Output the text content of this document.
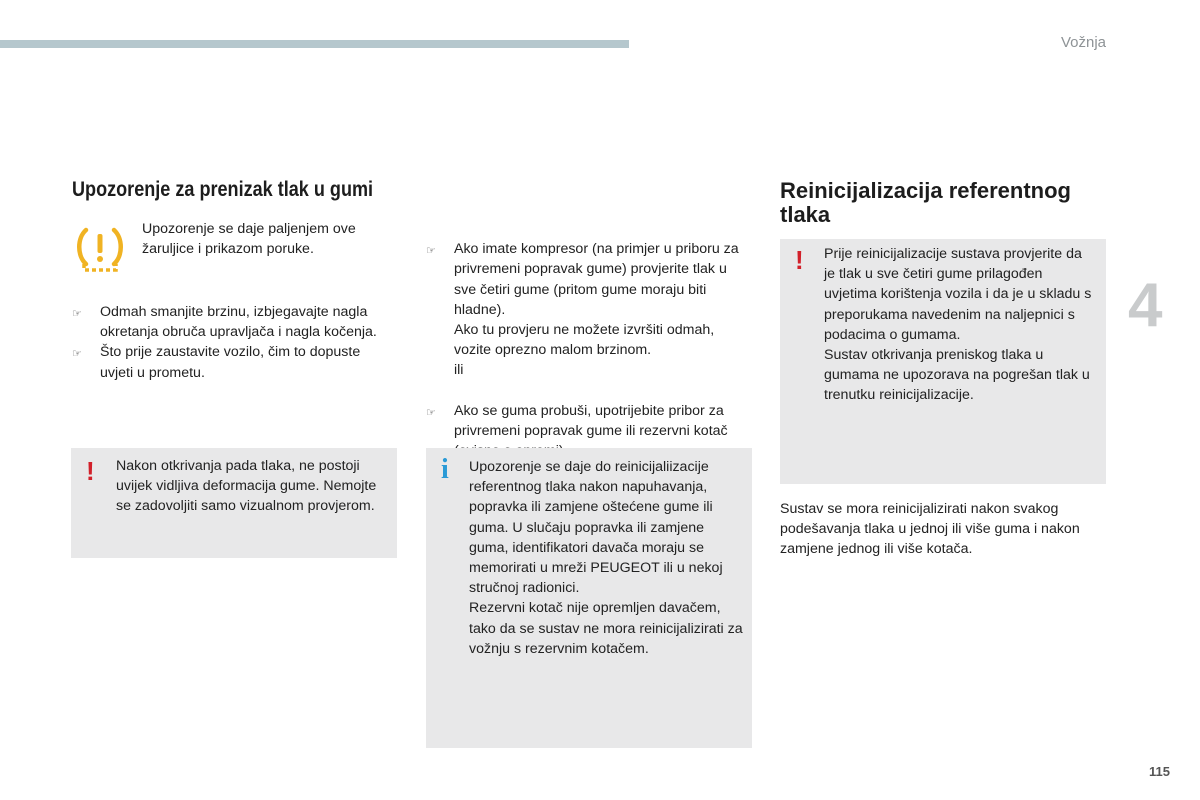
Vožnja
4
115
Upozorenje za prenizak tlak u gumi
Upozorenje se daje paljenjem ove žaruljice i prikazom poruke.
☞ Odmah smanjite brzinu, izbjegavajte nagla okretanja obruča upravljača i nagla kočenja.
☞ Što prije zaustavite vozilo, čim to dopuste uvjeti u prometu.
! Nakon otkrivanja pada tlaka, ne postoji uvijek vidljiva deformacija gume. Nemojte se zadovoljiti samo vizualnom provjerom.

☞ Ako imate kompresor (na primjer u priboru za privremeni popravak gume) provjerite tlak u sve četiri gume (pritom gume moraju biti hladne).
Ako tu provjeru ne možete izvršiti odmah, vozite oprezno malom brzinom.
ili

☞ Ako se guma probuši, upotrijebite pribor za privremeni popravak gume ili rezervni kotač

i Upozorenje se daje do reinicijaliizacije referentnog tlaka nakon napuhavanja, popravka ili zamjene oštećene gume ili guma. U slučaju popravka ili zamjene guma, identifikatori davača moraju se memorirati u mreži PEUGEOT ili u nekoj stručnoj radionici.
Rezervni kotač nije opremljen davačem, tako da se sustav ne mora reinicijalizirati za vožnju s rezervnim kotačem.
Reinicijalizacija referentnog tlaka
! Prije reinicijalizacije sustava provjerite da je tlak u sve četiri gume prilagođen uvjetima korištenja vozila i da je u skladu s preporukama navedenim na naljepnici s podacima o gumama.
Sustav otkrivanja preniskog tlaka u gumama ne upozorava na pogrešan tlak u trenutku reinicijalizacije.
Sustav se mora reinicijalizirati nakon svakog podešavanja tlaka u jednoj ili više guma i nakon zamjene jednog ili više kotača.
